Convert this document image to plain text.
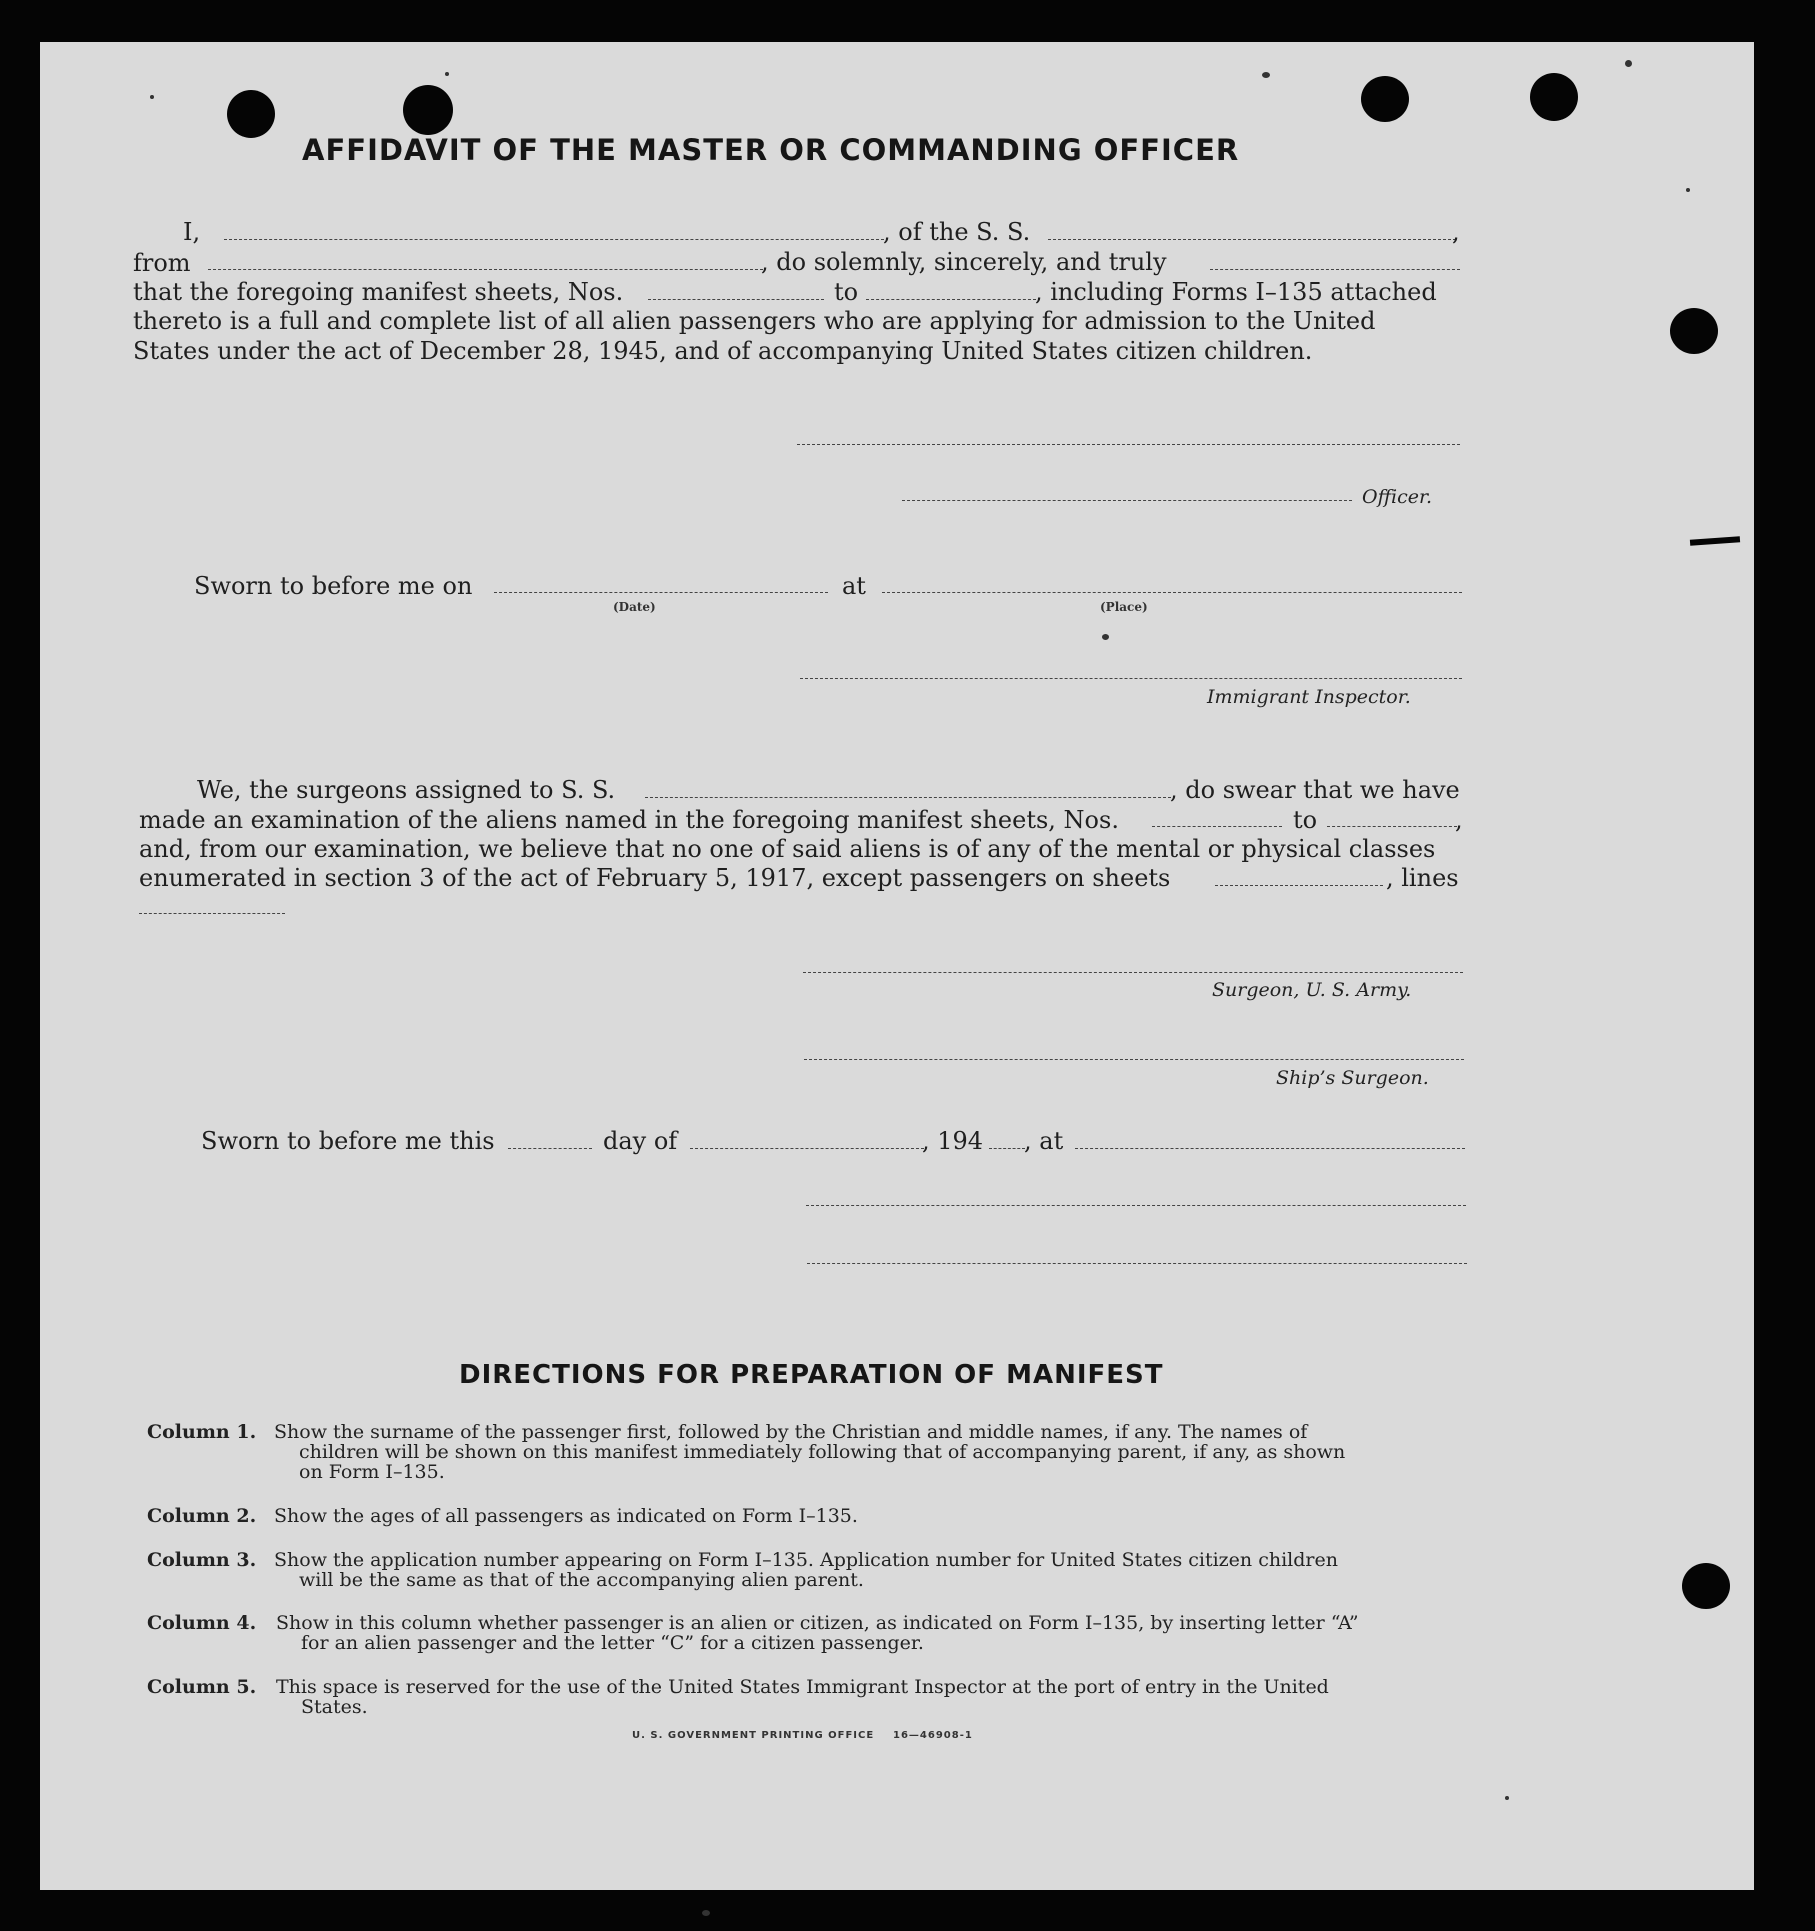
AFFIDAVIT OF THE MASTER OR COMMANDING OFFICER
I,	, of the S. S.	,
from	, do solemnly, sincerely, and truly
that the foregoing manifest sheets, Nos.	to	, including Forms I–135 attached
thereto is a full and complete list of all alien passengers who are applying for admission to the United
States under the act of December 28, 1945, and of accompanying United States citizen children.
Officer.
Sworn to before me on
(Date)
at
(Place)
Immigrant Inspector.
We, the surgeons assigned to S. S.	, do swear that we have
made an examination of the aliens named in the foregoing manifest sheets, Nos.	to	,
and, from our examination, we believe that no one of said aliens is of any of the mental or physical classes
enumerated in section 3 of the act of February 5, 1917, except passengers on sheets	, lines
Surgeon, U. S. Army.
Ship’s Surgeon.
Sworn to before me this	day of	, 194 , at
DIRECTIONS FOR PREPARATION OF MANIFEST
Column 1. Show the surname of the passenger first, followed by the Christian and middle names, if any. The names of
children will be shown on this manifest immediately following that of accompanying parent, if any, as shown
on Form I–135.
Column 2. Show the ages of all passengers as indicated on Form I–135.
Column 3. Show the application number appearing on Form I–135. Application number for United States citizen children
will be the same as that of the accompanying alien parent.
Column 4. Show in this column whether passenger is an alien or citizen, as indicated on Form I–135, by inserting letter “A”
for an alien passenger and the letter “C” for a citizen passenger.
Column 5. This space is reserved for the use of the United States Immigrant Inspector at the port of entry in the United
States.
U. S. GOVERNMENT PRINTING OFFICE 16—46908-1
